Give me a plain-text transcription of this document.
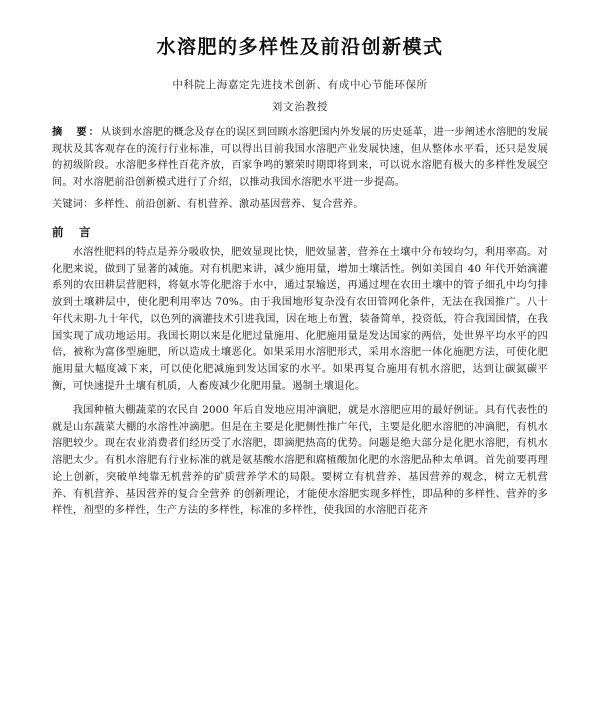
水溶肥的多样性及前沿创新模式
中科院上海嘉定先进技术创新、有成中心节能环保所
刘文治教授
摘　要：从谈到水溶肥的概念及存在的误区到回顾水溶肥国内外发展的历史延革，进一步阐述水溶肥的发展现状及其客观存在的流行行业标准，可以得出目前我国水溶肥产业发展快速，但从整体水平看，还只是发展的初级阶段。水溶肥多样性百花齐放，百家争鸣的繁荣时期即将到来，可以说水溶肥有极大的多样性发展空间。对水溶肥前沿创新模式进行了介绍，以推动我国水溶肥水平进一步提高。
关键词：多样性、前沿创新、有机营养、激动基因营养、复合营养。
前　言

水溶性肥料的特点是养分吸收快，肥效显现比快，肥效显著，营养在土壤中分布较均匀，利用率高。对化肥来说，做到了显著的减施。对有机肥来讲，减少施用量，增加土壤活性。例如美国自 40 年代开始滴灌系列的农田耕层营肥料，将氨水等化肥溶于水中，通过泵输送，再通过埋在农田土壤中的管子细孔中均匀排放到土壤耕层中，使化肥利用率达 70%。由于我国地形复杂没有农田管网化条件，无法在我国推广。八十年代末期-九十年代，以色列的滴灌技术引进我国，因在地上布置，装备简单，投资低，符合我国国情，在我国实现了成功地运用。我国长期以来是化肥过量施用、化肥施用量是发达国家的两倍，处世界平均水平的四倍，被称为富侈型施肥，所以造成土壤恶化。如果采用水溶肥形式，采用水溶肥一体化施肥方法，可使化肥施用量大幅度减下来，可以使化肥减施到发达国家的水平。如果再复合施用有机水溶肥，达到让碳氮碳平衡，可快速提升土壤有机质，人畜废减少化肥用量。遏制土壤退化。

我国种植大棚蔬菜的农民自 2000 年后自发地应用冲滴肥，就是水溶肥应用的最好例证。具有代表性的就是山东蔬菜大棚的水溶性冲滴肥。但是在主要是化肥侧性推广年代，主要是化肥水溶肥的冲滴肥，有机水溶肥较少。现在农业消费者们经历受了水溶肥，即滴肥热高的优势。问题是绝大部分是化肥水溶肥，有机水溶肥太少。有机水溶肥有行业标准的就是氨基酸水溶肥和腐植酸加化肥的水溶肥品种太单调。首先前要再理论上创新，突破单纯靠无机营养的矿质营养学术的局限。要树立有机营养、基因营养的观念，树立无机营养、有机营养、基因营养的复合全营养 的创新理论，才能使水溶肥实现多样性，即品种的多样性、营养的多样性，剂型的多样性，生产方法的多样性，标准的多样性，使我国的水溶肥百花齐
